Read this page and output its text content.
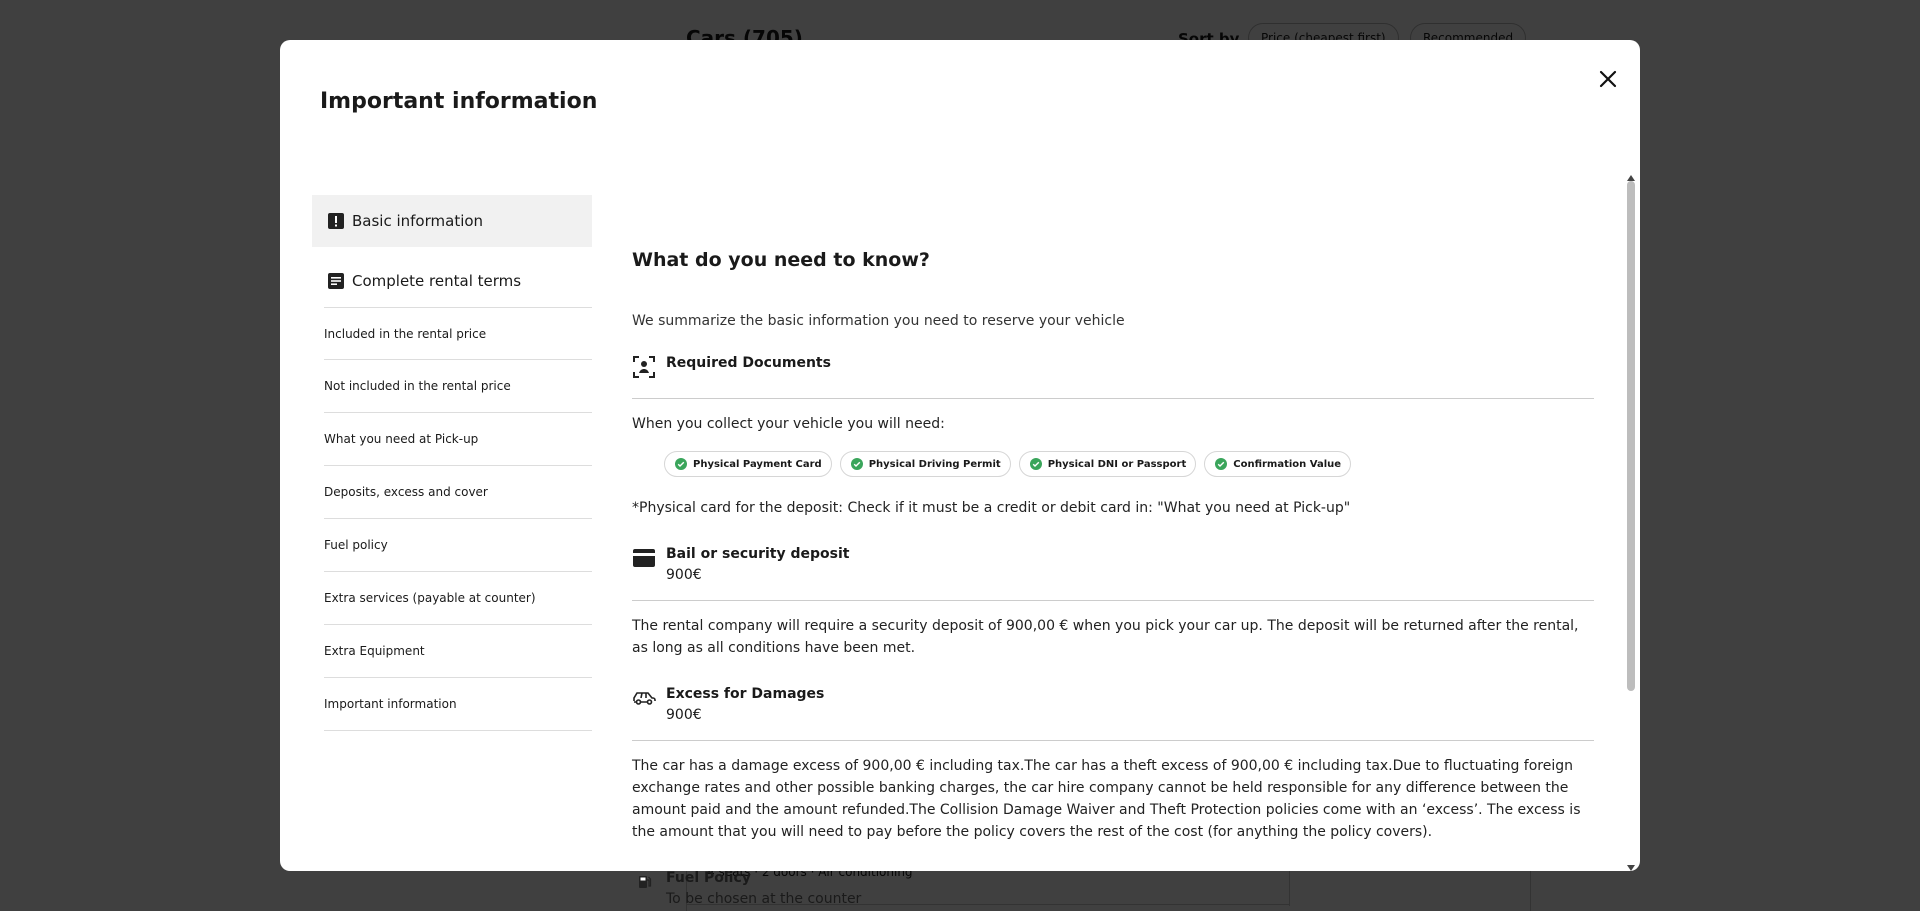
Important information
Basic information
Complete rental terms
Included in the rental price
Not included in the rental price
What you need at Pick-up
Deposits, excess and cover
Fuel policy
Extra services (payable at counter)
Extra Equipment
Important information
What do you need to know?
We summarize the basic information you need to reserve your vehicle
Required Documents
When you collect your vehicle you will need:
Physical Payment Card	Physical Driving Permit	Physical DNI or Passport	Confirmation Value
*Physical card for the deposit: Check if it must be a credit or debit card in: "What you need at Pick-up"
Bail or security deposit
900€
The rental company will require a security deposit of 900,00 € when you pick your car up. The deposit will be returned after the rental, as long as all conditions have been met.
Excess for Damages
900€
The car has a damage excess of 900,00 € including tax.The car has a theft excess of 900,00 € including tax.Due to fluctuating foreign exchange rates and other possible banking charges, the car hire company cannot be held responsible for any difference between the amount paid and the amount refunded.The Collision Damage Waiver and Theft Protection policies come with an ‘excess’. The excess is the amount that you will need to pay before the policy covers the rest of the cost (for anything the policy covers).
Fuel Policy
To be chosen at the counter
